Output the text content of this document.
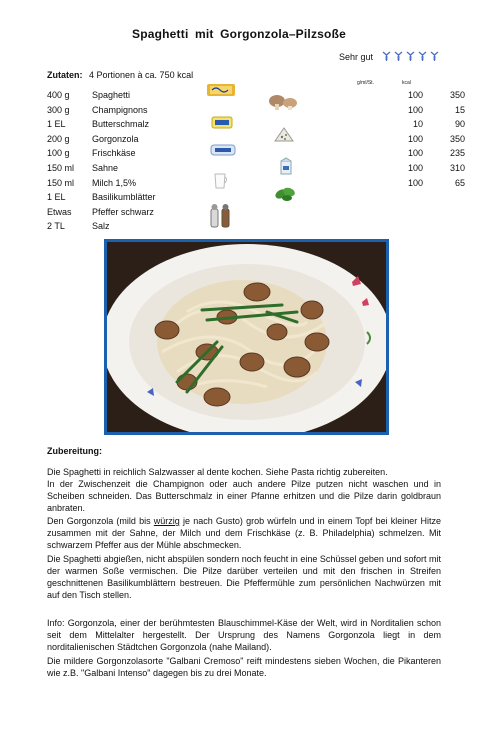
Spaghetti mit Gorgonzola–Pilzsoße
Sehr gut
Zutaten: 4 Portionen à ca. 750 kcal
g/ml/St.	kcal
400 g Spaghetti	100	350
300 g Champignons	100	15
1 EL	Butterschmalz	10	90
200 g Gorgonzola	100	350
100 g Frischkäse	100	235
150 ml Sahne	100	310
150 ml Milch 1,5%	100	65
1 EL	Basilikumblätter
Etwas Pfeffer schwarz
2 TL	Salz
Zubereitung:
Die Spaghetti in reichlich Salzwasser al dente kochen. Siehe Pasta richtig zubereiten.
In der Zwischenzeit die Champignon oder auch andere Pilze putzen nicht waschen und in Scheiben schneiden. Das Butterschmalz in einer Pfanne erhitzen und die Pilze darin goldbraun anbraten.
Den Gorgonzola (mild bis würzig je nach Gusto) grob würfeln und in einem Topf bei kleiner Hitze zusammen mit der Sahne, der Milch und dem Frischkäse (z. B. Philadelphia) schmelzen. Mit schwarzem Pfeffer aus der Mühle abschmecken.
Die Spaghetti abgießen, nicht abspülen sondern noch feucht in eine Schüssel geben und sofort mit der warmen Soße vermischen. Die Pilze darüber verteilen und mit den frischen in Streifen geschnittenen Basilikumblättern bestreuen. Die Pfeffermühle zum persönlichen Nachwürzen mit auf den Tisch stellen.
Info: Gorgonzola, einer der berühmtesten Blauschimmel-Käse der Welt, wird in Norditalien schon seit dem Mittelalter hergestellt. Der Ursprung des Namens Gorgonzola liegt in dem norditalienischen Städtchen Gorgonzola (nahe Mailand).
Die mildere Gorgonzolasorte "Galbani Cremoso" reift mindestens sieben Wochen, die Pikanteren wie z.B. "Galbani Intenso" dagegen bis zu drei Monate.
